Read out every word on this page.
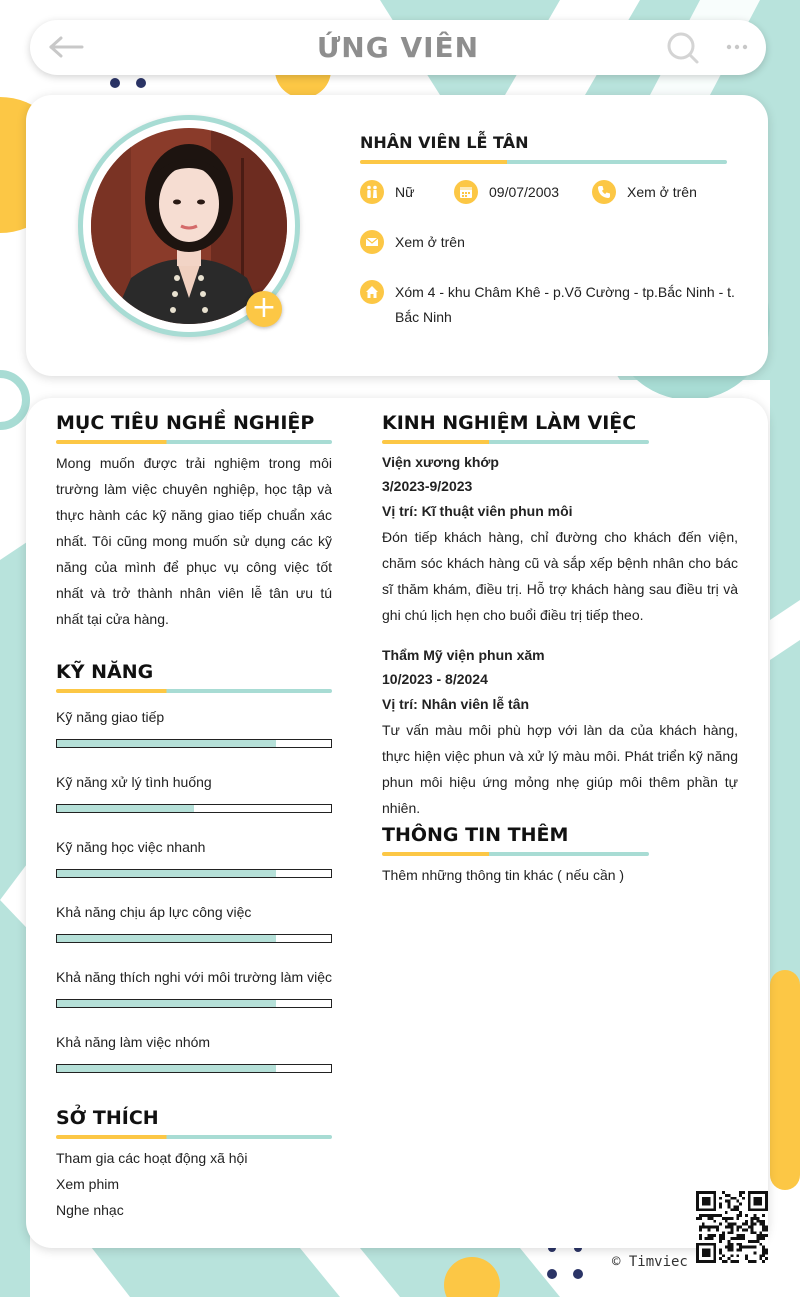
ỨNG VIÊN
+
NHÂN VIÊN LỄ TÂN
Nữ	09/07/2003	Xem ở trên
Xem ở trên
Xóm 4 - khu Châm Khê - p.Võ Cường - tp.Bắc Ninh - t. Bắc Ninh
MỤC TIÊU NGHỀ NGHIỆP
Mong muốn được trải nghiệm trong môi trường làm việc chuyên nghiệp, học tập và thực hành các kỹ năng giao tiếp chuẩn xác nhất. Tôi cũng mong muốn sử dụng các kỹ năng của mình để phục vụ công việc tốt nhất và trở thành nhân viên lễ tân ưu tú nhất tại cửa hàng.
KỸ NĂNG
Kỹ năng giao tiếp
Kỹ năng xử lý tình huống
Kỹ năng học việc nhanh
Khả năng chịu áp lực công việc
Khả năng thích nghi với môi trường làm việc
Khả năng làm việc nhóm
SỞ THÍCH
Tham gia các hoạt động xã hội
Xem phim
Nghe nhạc
KINH NGHIỆM LÀM VIỆC
Viện xương khớp
3/2023-9/2023
Vị trí: Kĩ thuật viên phun môi
Đón tiếp khách hàng, chỉ đường cho khách đến viện, chăm sóc khách hàng cũ và sắp xếp bệnh nhân cho bác sĩ thăm khám, điều trị. Hỗ trợ khách hàng sau điều trị và ghi chú lịch hẹn cho buổi điều trị tiếp theo.
Thẩm Mỹ viện phun xăm
10/2023 - 8/2024
Vị trí: Nhân viên lễ tân
Tư vấn màu môi phù hợp với làn da của khách hàng, thực hiện việc phun và xử lý màu môi. Phát triển kỹ năng phun môi hiệu ứng mỏng nhẹ giúp môi thêm phần tự nhiên.
THÔNG TIN THÊM
Thêm những thông tin khác ( nếu cần )
© Timviec
